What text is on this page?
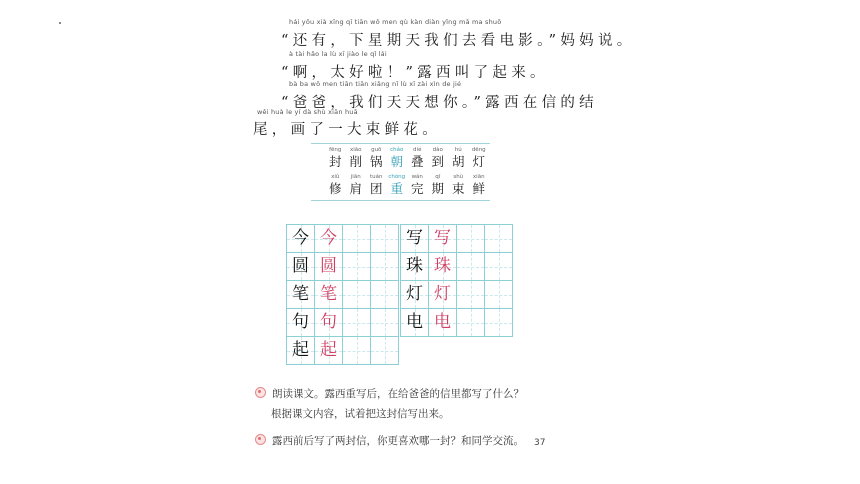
hái yǒu xià xīng qī tiān wǒ men qù kàn diàn yǐng mā ma shuō
“还有，下星期天我们去看电影。”妈妈说。
à tài hǎo la lù xī jiào le qǐ lái
“啊，太好啦！”露西叫了起来。
bà ba wǒ men tiān tiān xiǎng nǐ lù xī zài xìn de jié
“爸爸，我们天天想你。”露西在信的结
wěi huà le yí dà shù xiān huā
尾，画了一大束鲜花。
fēng
封
xiāo
削
guō
锅
cháo
朝
dié
叠
dào
到
hú
胡
dēng
灯
xiū
修
jiān
肩
tuán
团
chóng
重
wán
完
qī
期
shù
束
xiān
鲜
今 今
圆 圆
笔 笔
句 句
起 起
写 写
珠 珠
灯 灯
电 电
朗读课文。露西重写后，在给爸爸的信里都写了什么？
根据课文内容，试着把这封信写出来。
露西前后写了两封信，你更喜欢哪一封？和同学交流。 37
